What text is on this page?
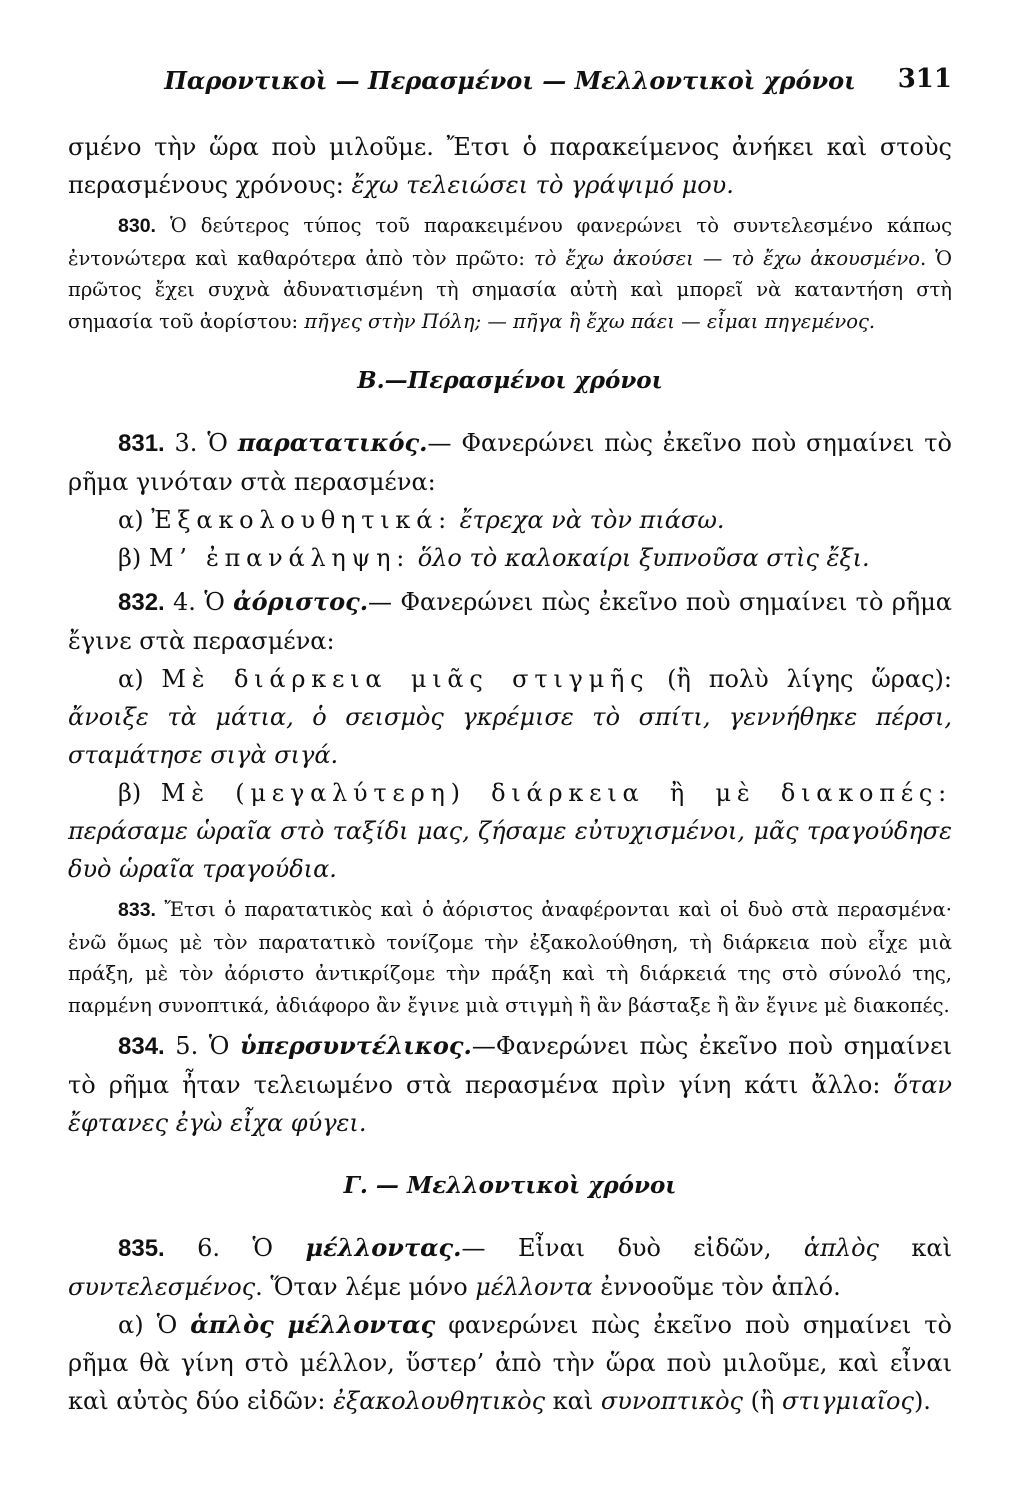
Παροντικοὶ — Περασμένοι — Μελλοντικοὶ χρόνοι	311

σμένο τὴν ὥρα ποὺ μιλοῦμε. Ἔτσι ὁ παρακείμενος ἀνήκει καὶ στοὺς περασμένους χρόνους: ἔχω τελειώσει τὸ γράψιμό μου.

830. Ὁ δεύτερος τύπος τοῦ παρακειμένου φανερώνει τὸ συντελεσμένο κάπως ἐντονώτερα καὶ καθαρότερα ἀπὸ τὸν πρῶτο: τὸ ἔχω ἀκούσει — τὸ ἔχω ἀκουσμένο. Ὁ πρῶτος ἔχει συχνὰ ἀδυνατισμένη τὴ σημασία αὐτὴ καὶ μπορεῖ νὰ καταντήση στὴ σημασία τοῦ ἀορίστου: πῆγες στὴν Πόλη; — πῆγα ἢ ἔχω πάει — εἶμαι πηγεμένος.

Β.—Περασμένοι χρόνοι

831. 3. Ὁ παρατατικός.— Φανερώνει πὼς ἐκεῖνο ποὺ σημαίνει τὸ ρῆμα γινόταν στὰ περασμένα:

α) Ἐξακολουθητικά: ἔτρεχα νὰ τὸν πιάσω.

β) Μ’ ἐπανάληψη: ὅλο τὸ καλοκαίρι ξυπνοῦσα στὶς ἔξι.

832. 4. Ὁ ἀόριστος.— Φανερώνει πὼς ἐκεῖνο ποὺ σημαίνει τὸ ρῆμα ἔγινε στὰ περασμένα:

α) Μὲ διάρκεια μιᾶς στιγμῆς (ἢ πολὺ λίγης ὥρας): ἄνοιξε τὰ μάτια, ὁ σεισμὸς γκρέμισε τὸ σπίτι, γεννήθηκε πέρσι, σταμάτησε σιγὰ σιγά.

β) Μὲ (μεγαλύτερη) διάρκεια ἢ μὲ διακοπές: περάσαμε ὡραῖα στὸ ταξίδι μας, ζήσαμε εὐτυχισμένοι, μᾶς τραγούδησε δυὸ ὡραῖα τραγούδια.

833. Ἔτσι ὁ παρατατικὸς καὶ ὁ ἀόριστος ἀναφέρονται καὶ οἱ δυὸ στὰ περασμένα· ἐνῶ ὅμως μὲ τὸν παρατατικὸ τονίζομε τὴν ἐξακολούθηση, τὴ διάρκεια ποὺ εἶχε μιὰ πράξη, μὲ τὸν ἀόριστο ἀντικρίζομε τὴν πράξη καὶ τὴ διάρκειά της στὸ σύνολό της, παρμένη συνοπτικά, ἀδιάφορο ἂν ἔγινε μιὰ στιγμὴ ἢ ἂν βάσταξε ἢ ἂν ἔγινε μὲ διακοπές.

834. 5. Ὁ ὑπερσυντέλικος.—Φανερώνει πὼς ἐκεῖνο ποὺ σημαίνει τὸ ρῆμα ἦταν τελειωμένο στὰ περασμένα πρὶν γίνη κάτι ἄλλο: ὅταν ἔφτανες ἐγὼ εἶχα φύγει.

Γ. — Μελλοντικοὶ χρόνοι

835. 6. Ὁ μέλλοντας.— Εἶναι δυὸ εἰδῶν, ἁπλὸς καὶ συντελεσμένος. Ὅταν λέμε μόνο μέλλοντα ἐννοοῦμε τὸν ἁπλό.

α) Ὁ ἁπλὸς μέλλοντας φανερώνει πὼς ἐκεῖνο ποὺ σημαίνει τὸ ρῆμα θὰ γίνη στὸ μέλλον, ὕστερ’ ἀπὸ τὴν ὥρα ποὺ μιλοῦμε, καὶ εἶναι καὶ αὐτὸς δύο εἰδῶν: ἐξακολουθητικὸς καὶ συνοπτικὸς (ἢ στιγμιαῖος).
